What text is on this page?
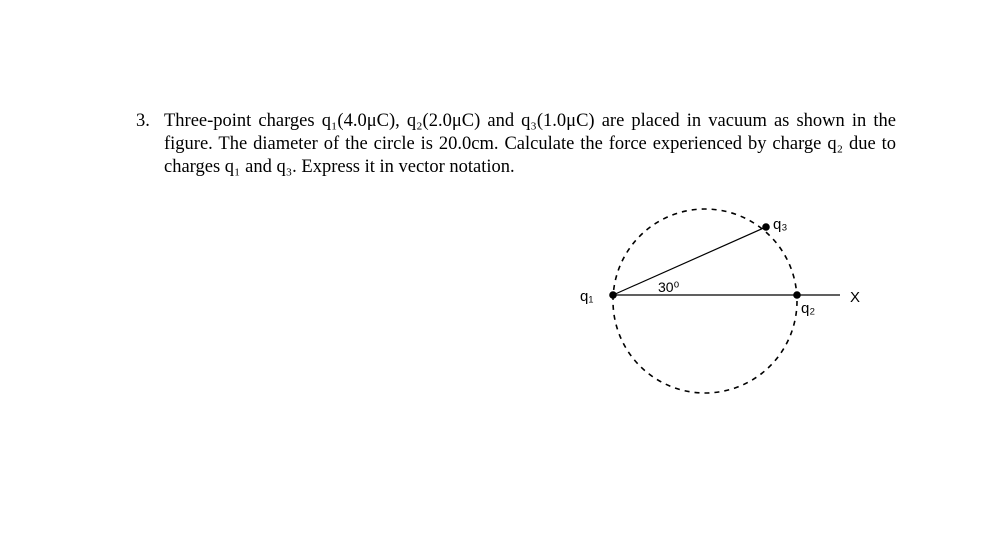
3. Three-point charges q₁(4.0μC), q₂(2.0μC) and q₃(1.0μC) are placed in vacuum as shown in the figure. The diameter of the circle is 20.0cm. Calculate the force experienced by charge q₂ due to charges q₁ and q₃. Express it in vector notation.
q₁
q₂
q₃
30⁰
X
